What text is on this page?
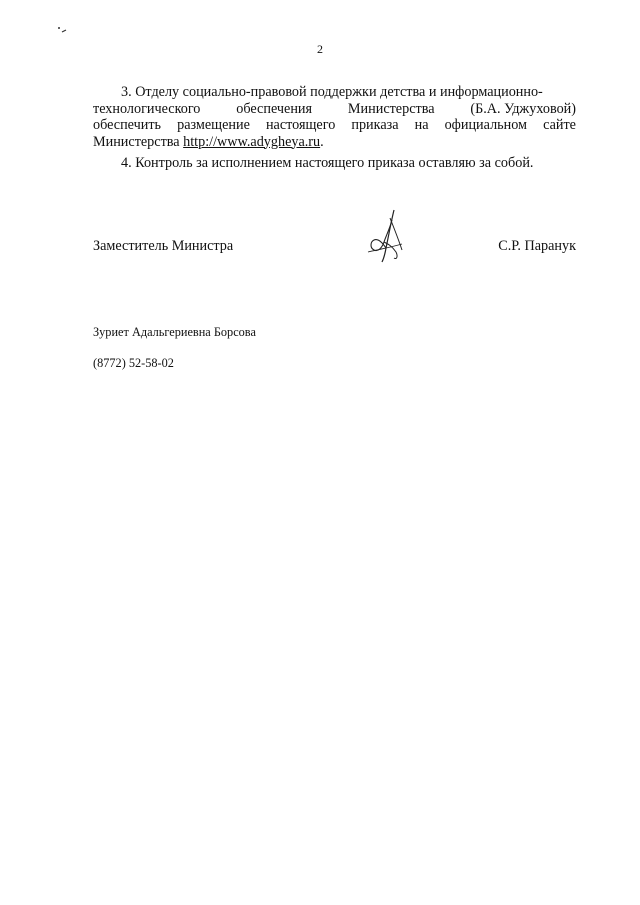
2
3. Отделу социально-правовой поддержки детства и информационно-
технологического	обеспечения	Министерства	(Б.А. Уджуховой)
обеспечить размещение настоящего приказа на официальном сайте
Министерства http://www.adygheya.ru.
4. Контроль за исполнением настоящего приказа оставляю за собой.
Заместитель Министра	С.Р. Паранук
Зуриет Адальгериевна Борсова
(8772) 52-58-02
